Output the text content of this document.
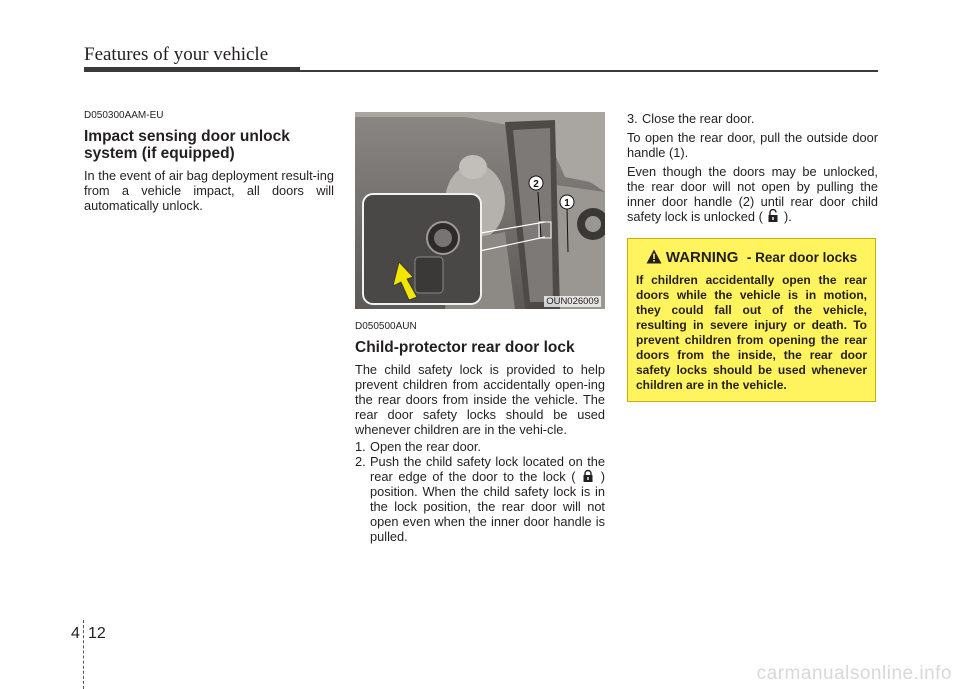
Features of your vehicle
D050300AAM-EU
Impact sensing door unlock system (if equipped)

In the event of air bag deployment result-ing from a vehicle impact, all doors will automatically unlock.

2
1
OUN026009
D050500AUN
Child-protector rear door lock

The child safety lock is provided to help prevent children from accidentally open-ing the rear doors from inside the vehicle. The rear door safety locks should be used whenever children are in the vehi-cle.

1. Open the rear door.
2. Push the child safety lock located on the rear edge of the door to the lock ( ) position. When the child safety lock is in the lock position, the rear door will not open even when the inner door handle is pulled.
3. Close the rear door.

To open the rear door, pull the outside door handle (1).

Even though the doors may be unlocked, the rear door will not open by pulling the inner door handle (2) until rear door child safety lock is unlocked ( ).

WARNING - Rear door locks
If children accidentally open the rear doors while the vehicle is in motion, they could fall out of the vehicle, resulting in severe injury or death. To prevent children from opening the rear doors from the inside, the rear door safety locks should be used whenever children are in the vehicle.
4 12
carmanualsonline.info
